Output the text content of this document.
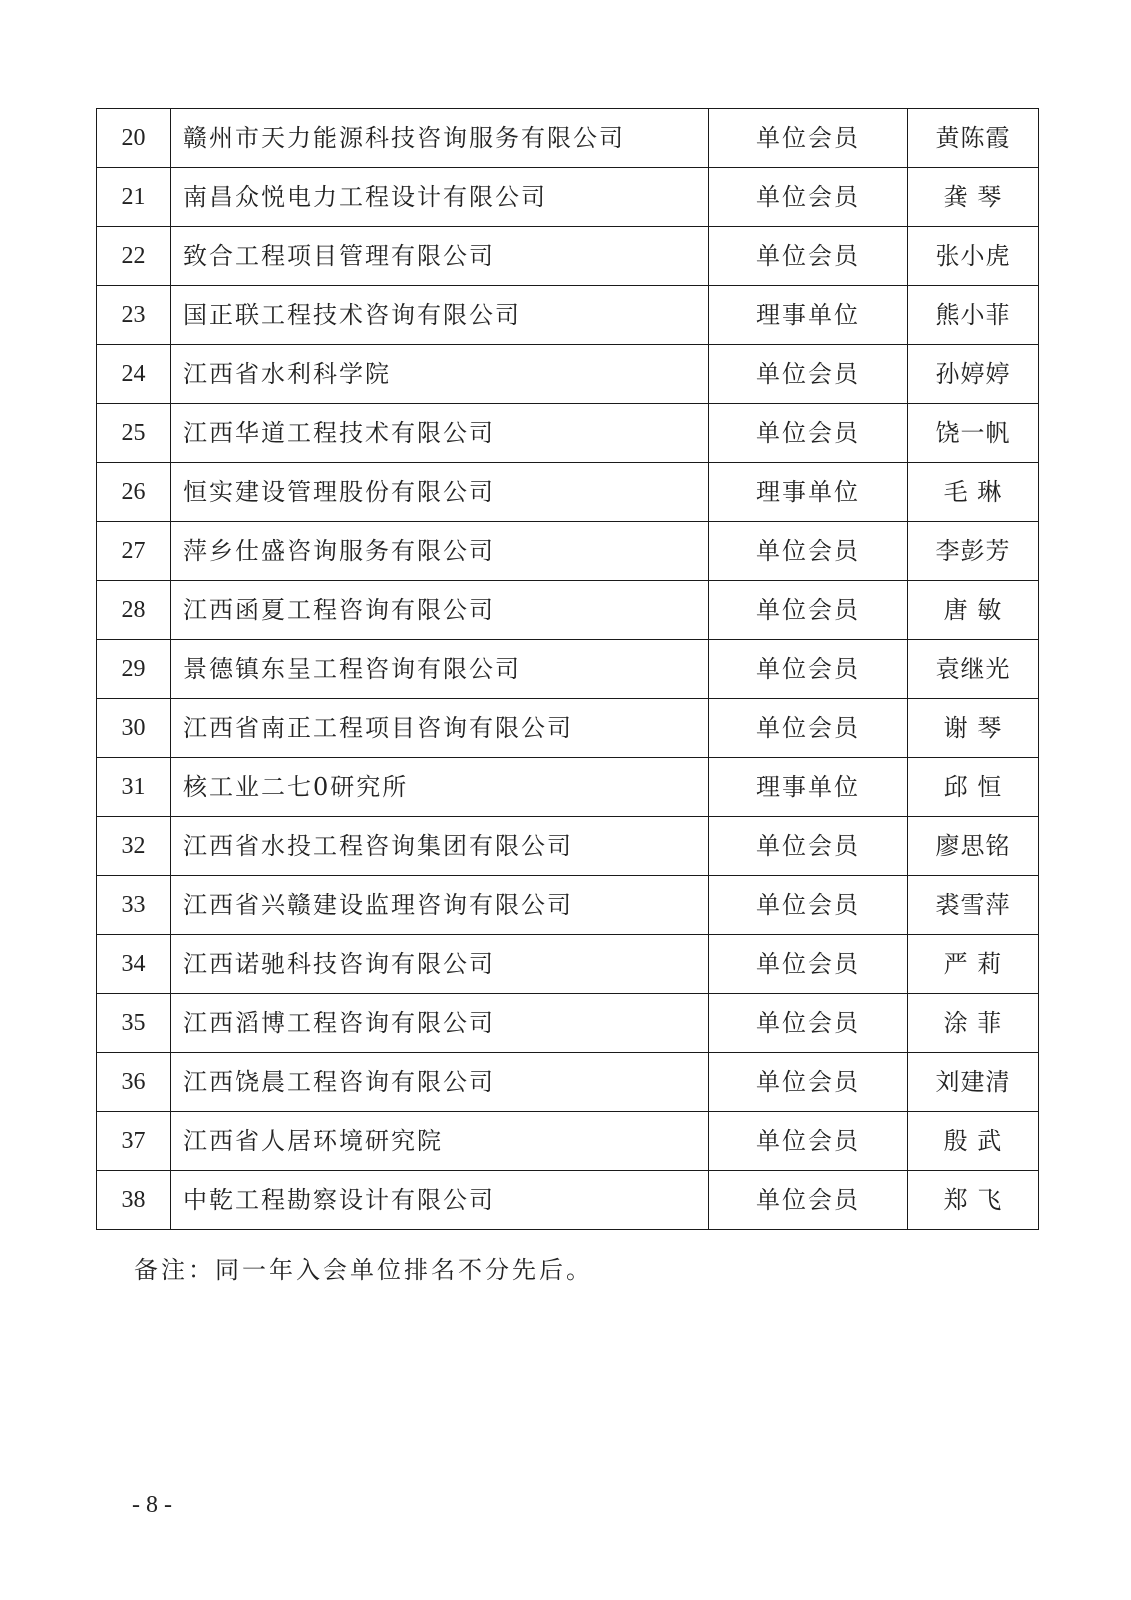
20	赣州市天力能源科技咨询服务有限公司	单位会员	黄陈霞
21	南昌众悦电力工程设计有限公司	单位会员	龚 琴
22	致合工程项目管理有限公司	单位会员	张小虎
23	国正联工程技术咨询有限公司	理事单位	熊小菲
24	江西省水利科学院	单位会员	孙婷婷
25	江西华道工程技术有限公司	单位会员	饶一帆
26	恒实建设管理股份有限公司	理事单位	毛 琳
27	萍乡仕盛咨询服务有限公司	单位会员	李彭芳
28	江西函夏工程咨询有限公司	单位会员	唐 敏
29	景德镇东呈工程咨询有限公司	单位会员	袁继光
30	江西省南正工程项目咨询有限公司	单位会员	谢 琴
31	核工业二七0研究所	理事单位	邱 恒
32	江西省水投工程咨询集团有限公司	单位会员	廖思铭
33	江西省兴赣建设监理咨询有限公司	单位会员	裘雪萍
34	江西诺驰科技咨询有限公司	单位会员	严 莉
35	江西滔博工程咨询有限公司	单位会员	涂 菲
36	江西饶晨工程咨询有限公司	单位会员	刘建清
37	江西省人居环境研究院	单位会员	殷 武
38	中乾工程勘察设计有限公司	单位会员	郑 飞
备注：同一年入会单位排名不分先后。
- 8 -
